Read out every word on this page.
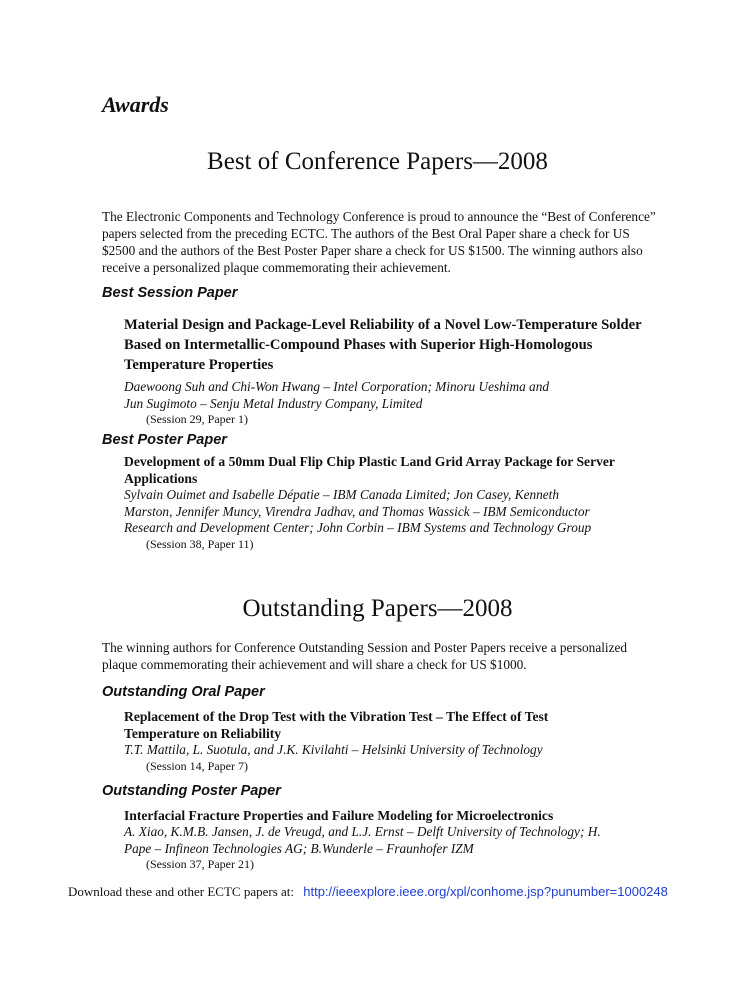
Awards
Best of Conference Papers—2008

The Electronic Components and Technology Conference is proud to announce the “Best of Conference” papers selected from the preceding ECTC. The authors of the Best Oral Paper share a check for US $2500 and the authors of the Best Poster Paper share a check for US $1500. The winning authors also receive a personalized plaque commemorating their achievement.

Best Session Paper

Material Design and Package-Level Reliability of a Novel Low-Temperature Solder Based on Intermetallic-Compound Phases with Superior High-Homologous Temperature Properties

Daewoong Suh and Chi-Won Hwang – Intel Corporation; Minoru Ueshima and Jun Sugimoto – Senju Metal Industry Company, Limited

(Session 29, Paper 1)

Best Poster Paper

Development of a 50mm Dual Flip Chip Plastic Land Grid Array Package for Server Applications

Sylvain Ouimet and Isabelle Dépatie – IBM Canada Limited; Jon Casey, Kenneth Marston, Jennifer Muncy, Virendra Jadhav, and Thomas Wassick – IBM Semiconductor Research and Development Center; John Corbin – IBM Systems and Technology Group

(Session 38, Paper 11)

Outstanding Papers—2008

The winning authors for Conference Outstanding Session and Poster Papers receive a personalized plaque commemorating their achievement and will share a check for US $1000.

Outstanding Oral Paper

Replacement of the Drop Test with the Vibration Test – The Effect of Test Temperature on Reliability

T.T. Mattila, L. Suotula, and J.K. Kivilahti – Helsinki University of Technology

(Session 14, Paper 7)

Outstanding Poster Paper

Interfacial Fracture Properties and Failure Modeling for Microelectronics

A. Xiao, K.M.B. Jansen, J. de Vreugd, and L.J. Ernst – Delft University of Technology; H. Pape – Infineon Technologies AG; B.Wunderle – Fraunhofer IZM

(Session 37, Paper 21)

Download these and other ECTC papers at: http://ieeexplore.ieee.org/xpl/conhome.jsp?punumber=1000248
